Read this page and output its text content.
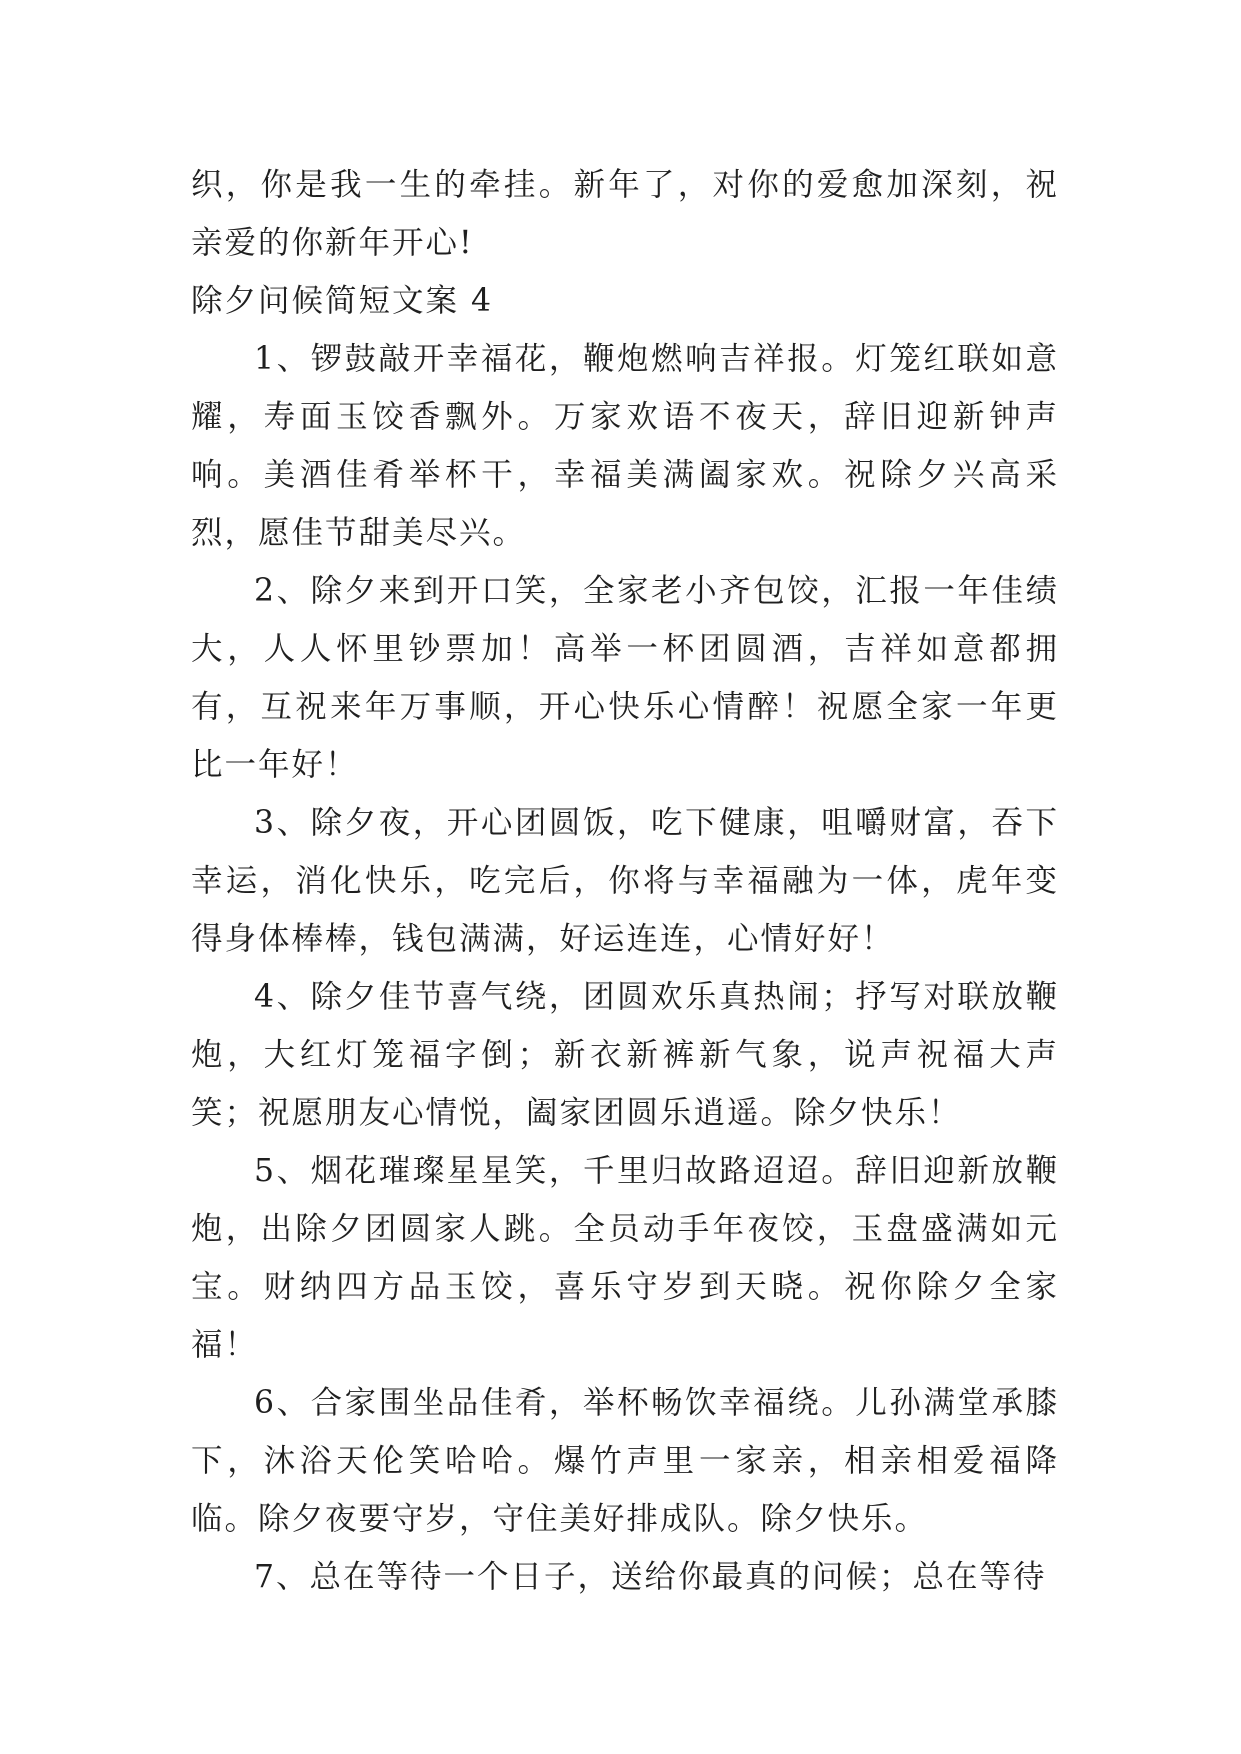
织，你是我一生的牵挂。新年了，对你的爱愈加深刻，祝亲爱的你新年开心!

除夕问候简短文案 4

1、锣鼓敲开幸福花，鞭炮燃响吉祥报。灯笼红联如意耀，寿面玉饺香飘外。万家欢语不夜天，辞旧迎新钟声响。美酒佳肴举杯干，幸福美满阖家欢。祝除夕兴高采烈，愿佳节甜美尽兴。

2、除夕来到开口笑，全家老小齐包饺，汇报一年佳绩大，人人怀里钞票加！高举一杯团圆酒，吉祥如意都拥有，互祝来年万事顺，开心快乐心情醉！祝愿全家一年更比一年好！

3、除夕夜，开心团圆饭，吃下健康，咀嚼财富，吞下幸运，消化快乐，吃完后，你将与幸福融为一体，虎年变得身体棒棒，钱包满满，好运连连，心情好好！

4、除夕佳节喜气绕，团圆欢乐真热闹；抒写对联放鞭炮，大红灯笼福字倒；新衣新裤新气象，说声祝福大声笑；祝愿朋友心情悦，阖家团圆乐逍遥。除夕快乐！

5、烟花璀璨星星笑，千里归故路迢迢。辞旧迎新放鞭炮，出除夕团圆家人跳。全员动手年夜饺，玉盘盛满如元宝。财纳四方品玉饺，喜乐守岁到天晓。祝你除夕全家福！

6、合家围坐品佳肴，举杯畅饮幸福绕。儿孙满堂承膝下，沐浴天伦笑哈哈。爆竹声里一家亲，相亲相爱福降临。除夕夜要守岁，守住美好排成队。除夕快乐。

7、总在等待一个日子，送给你最真的问候；总在等待
